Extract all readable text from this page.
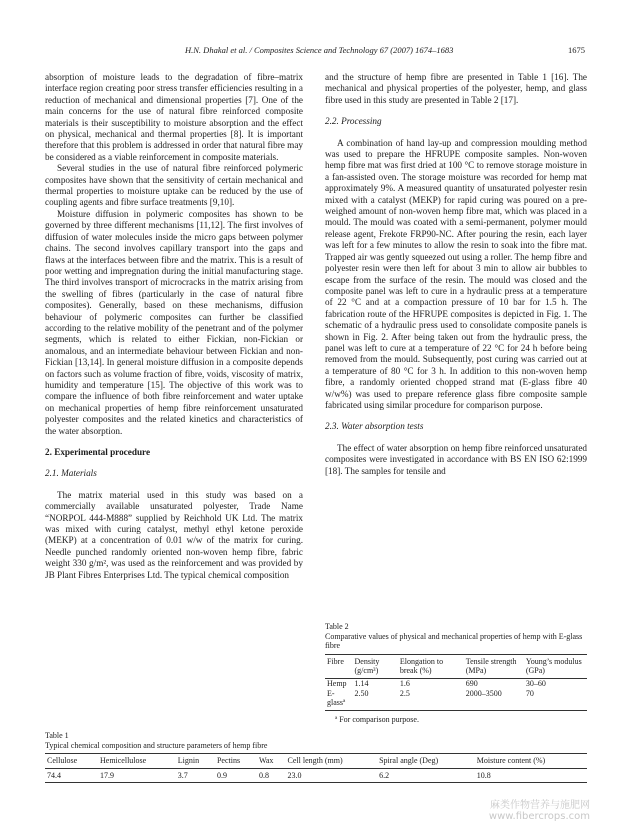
H.N. Dhakal et al. / Composites Science and Technology 67 (2007) 1674–1683	1675

absorption of moisture leads to the degradation of fibre–matrix interface region creating poor stress transfer efficiencies resulting in a reduction of mechanical and dimensional properties [7]. One of the main concerns for the use of natural fibre reinforced composite materials is their susceptibility to moisture absorption and the effect on physical, mechanical and thermal properties [8]. It is important therefore that this problem is addressed in order that natural fibre may be considered as a viable reinforcement in composite materials.

Several studies in the use of natural fibre reinforced polymeric composites have shown that the sensitivity of certain mechanical and thermal properties to moisture uptake can be reduced by the use of coupling agents and fibre surface treatments [9,10].

Moisture diffusion in polymeric composites has shown to be governed by three different mechanisms [11,12]. The first involves of diffusion of water molecules inside the micro gaps between polymer chains. The second involves capillary transport into the gaps and flaws at the interfaces between fibre and the matrix. This is a result of poor wetting and impregnation during the initial manufacturing stage. The third involves transport of microcracks in the matrix arising from the swelling of fibres (particularly in the case of natural fibre composites). Generally, based on these mechanisms, diffusion behaviour of polymeric composites can further be classified according to the relative mobility of the penetrant and of the polymer segments, which is related to either Fickian, non-Fickian or anomalous, and an intermediate behaviour between Fickian and non-Fickian [13,14]. In general moisture diffusion in a composite depends on factors such as volume fraction of fibre, voids, viscosity of matrix, humidity and temperature [15]. The objective of this work was to compare the influence of both fibre reinforcement and water uptake on mechanical properties of hemp fibre reinforcement unsaturated polyester composites and the related kinetics and characteristics of the water absorption.

2. Experimental procedure
2.1. Materials

The matrix material used in this study was based on a commercially available unsaturated polyester, Trade Name “NORPOL 444-M888” supplied by Reichhold UK Ltd. The matrix was mixed with curing catalyst, methyl ethyl ketone peroxide (MEKP) at a concentration of 0.01 w/w of the matrix for curing. Needle punched randomly oriented non-woven hemp fibre, fabric weight 330 g/m², was used as the reinforcement and was provided by JB Plant Fibres Enterprises Ltd. The typical chemical composition

and the structure of hemp fibre are presented in Table 1 [16]. The mechanical and physical properties of the polyester, hemp, and glass fibre used in this study are presented in Table 2 [17].

2.2. Processing

A combination of hand lay-up and compression moulding method was used to prepare the HFRUPE composite samples. Non-woven hemp fibre mat was first dried at 100 °C to remove storage moisture in a fan-assisted oven. The storage moisture was recorded for hemp mat approximately 9%. A measured quantity of unsaturated polyester resin mixed with a catalyst (MEKP) for rapid curing was poured on a pre-weighed amount of non-woven hemp fibre mat, which was placed in a mould. The mould was coated with a semi-permanent, polymer mould release agent, Frekote FRP90-NC. After pouring the resin, each layer was left for a few minutes to allow the resin to soak into the fibre mat. Trapped air was gently squeezed out using a roller. The hemp fibre and polyester resin were then left for about 3 min to allow air bubbles to escape from the surface of the resin. The mould was closed and the composite panel was left to cure in a hydraulic press at a temperature of 22 °C and at a compaction pressure of 10 bar for 1.5 h. The fabrication route of the HFRUPE composites is depicted in Fig. 1. The schematic of a hydraulic press used to consolidate composite panels is shown in Fig. 2. After being taken out from the hydraulic press, the panel was left to cure at a temperature of 22 °C for 24 h before being removed from the mould. Subsequently, post curing was carried out at a temperature of 80 °C for 3 h. In addition to this non-woven hemp fibre, a randomly oriented chopped strand mat (E-glass fibre 40 w/w%) was used to prepare reference glass fibre composite sample fabricated using similar procedure for comparison purpose.

2.3. Water absorption tests

The effect of water absorption on hemp fibre reinforced unsaturated composites were investigated in accordance with BS EN ISO 62:1999 [18]. The samples for tensile and

Table 2
Comparative values of physical and mechanical properties of hemp with E-glass fibre
Fibre	Density (g/cm³)	Elongation to break (%)	Tensile strength (MPa)	Young’s modulus (GPa)
Hemp	1.14	1.6	690	30–60
E-glassª	2.50	2.5	2000–3500	70
ª For comparison purpose.
Table 1
Typical chemical composition and structure parameters of hemp fibre
Cellulose	Hemicellulose	Lignin	Pectins	Wax	Cell length (mm)	Spiral angle (Deg)	Moisture content (%)
74.4	17.9	3.7	0.9	0.8	23.0	6.2	10.8
麻类作物营养与施肥网
www.fibercrops.com
